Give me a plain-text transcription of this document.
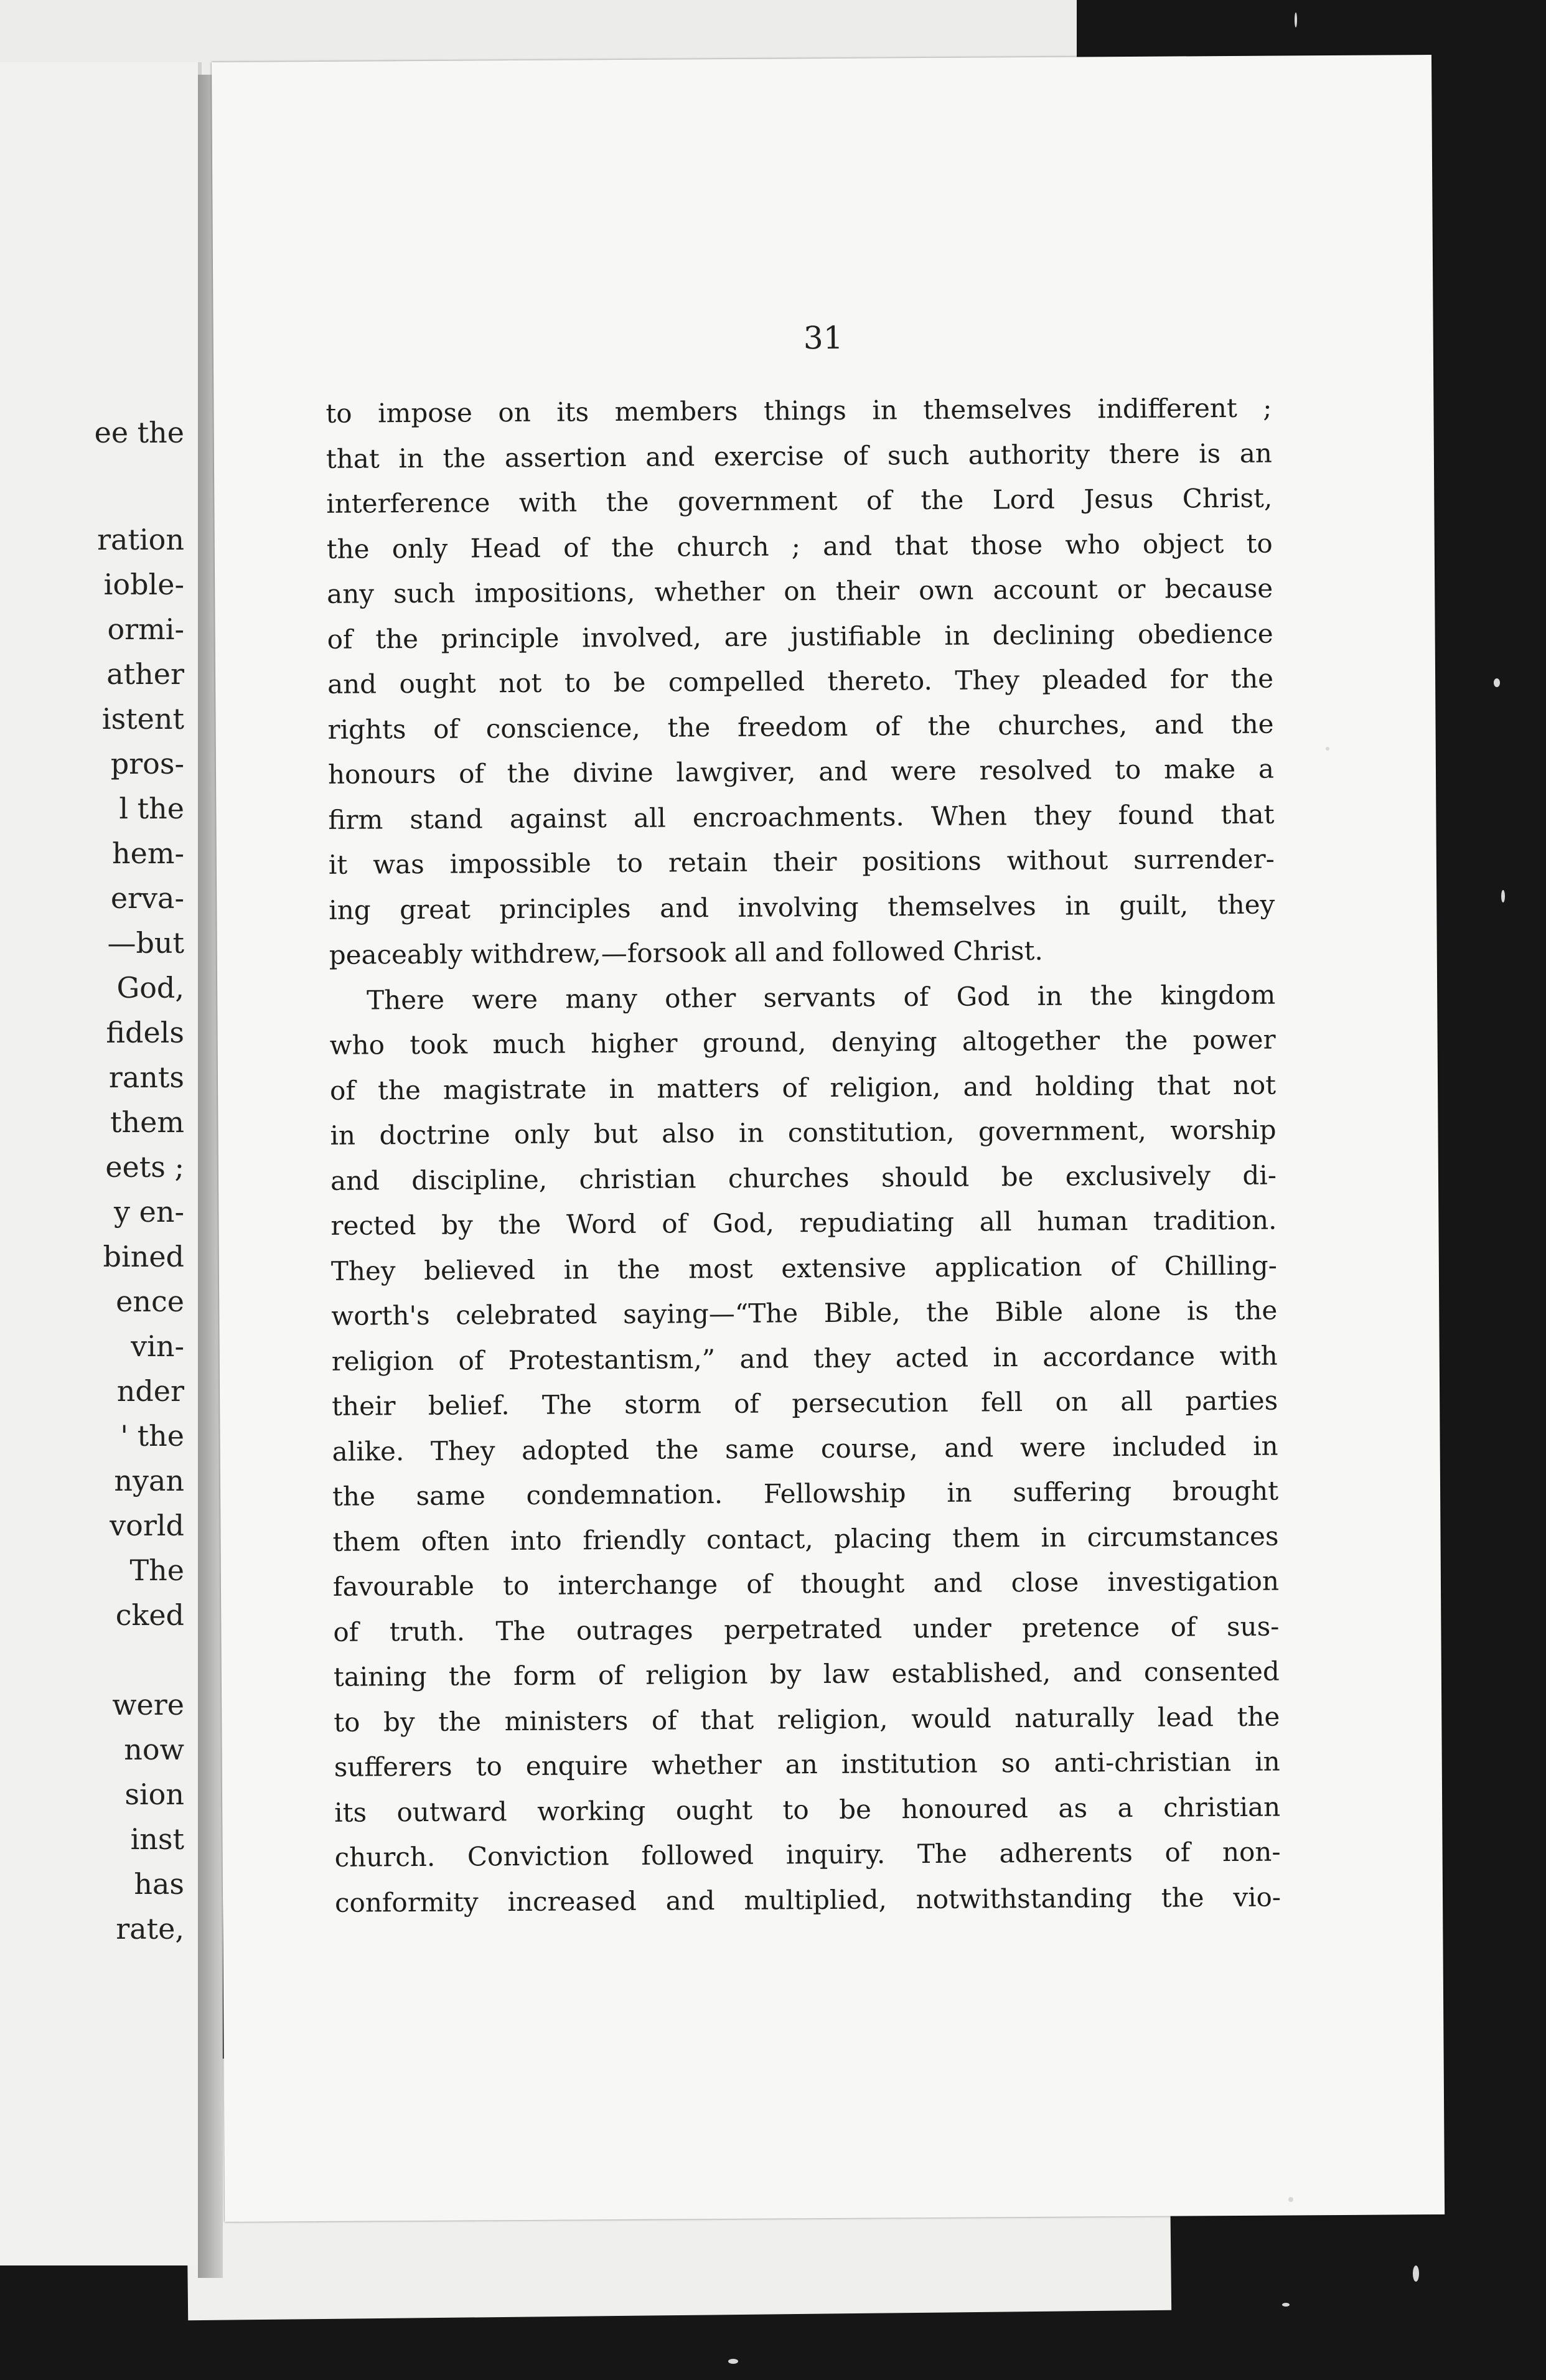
ee the
ration
ioble-
ormi-
ather
istent
pros-
l the
hem-
erva-
—but
God,
fidels
rants
them
eets ;
y en-
bined
ence
vin-
nder
' the
nyan
vorld
The
cked
were
now
sion
inst
has
rate,
31
to impose on its members things in themselves indifferent ;
that in the assertion and exercise of such authority there is an
interference with the government of the Lord Jesus Christ,
the only Head of the church ; and that those who object to
any such impositions, whether on their own account or because
of the principle involved, are justifiable in declining obedience
and ought not to be compelled thereto. They pleaded for the
rights of conscience, the freedom of the churches, and the
honours of the divine lawgiver, and were resolved to make a
firm stand against all encroachments. When they found that
it was impossible to retain their positions without surrender-
ing great principles and involving themselves in guilt, they
peaceably withdrew,—forsook all and followed Christ.
There were many other servants of God in the kingdom
who took much higher ground, denying altogether the power
of the magistrate in matters of religion, and holding that not
in doctrine only but also in constitution, government, worship
and discipline, christian churches should be exclusively di-
rected by the Word of God, repudiating all human tradition.
They believed in the most extensive application of Chilling-
worth's celebrated saying—“The Bible, the Bible alone is the
religion of Protestantism,” and they acted in accordance with
their belief. The storm of persecution fell on all parties
alike. They adopted the same course, and were included in
the same condemnation. Fellowship in suffering brought
them often into friendly contact, placing them in circumstances
favourable to interchange of thought and close investigation
of truth. The outrages perpetrated under pretence of sus-
taining the form of religion by law established, and consented
to by the ministers of that religion, would naturally lead the
sufferers to enquire whether an institution so anti-christian in
its outward working ought to be honoured as a christian
church. Conviction followed inquiry. The adherents of non-
conformity increased and multiplied, notwithstanding the vio-
